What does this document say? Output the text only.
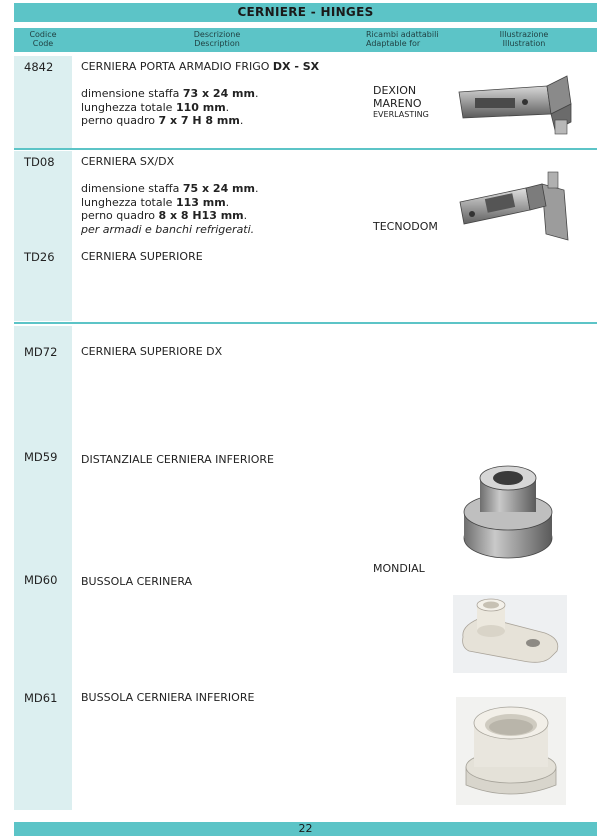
CERNIERE - HINGES
Codice
Code
Descrizione
Description
Ricambi adattabili
Adaptable for
Illustrazione
Illustration
4842	CERNIERA PORTA ARMADIO FRIGO DX - SX
dimensione staffa 73 x 24 mm.
lunghezza totale 110 mm.
perno quadro 7 x 7 H 8 mm.
DEXION
MARENO
EVERLASTING
TD08 CERNIERA SX/DX
dimensione staffa 75 x 24 mm.
lunghezza totale 113 mm.
perno quadro 8 x 8 H13 mm.
per armadi e banchi refrigerati.	TECNODOM
TD26 CERNIERA SUPERIORE
MD72 CERNIERA SUPERIORE DX
MD59 DISTANZIALE CERNIERA INFERIORE
MONDIAL
MD60 BUSSOLA CERINERA
MD61 BUSSOLA CERNIERA INFERIORE
22
